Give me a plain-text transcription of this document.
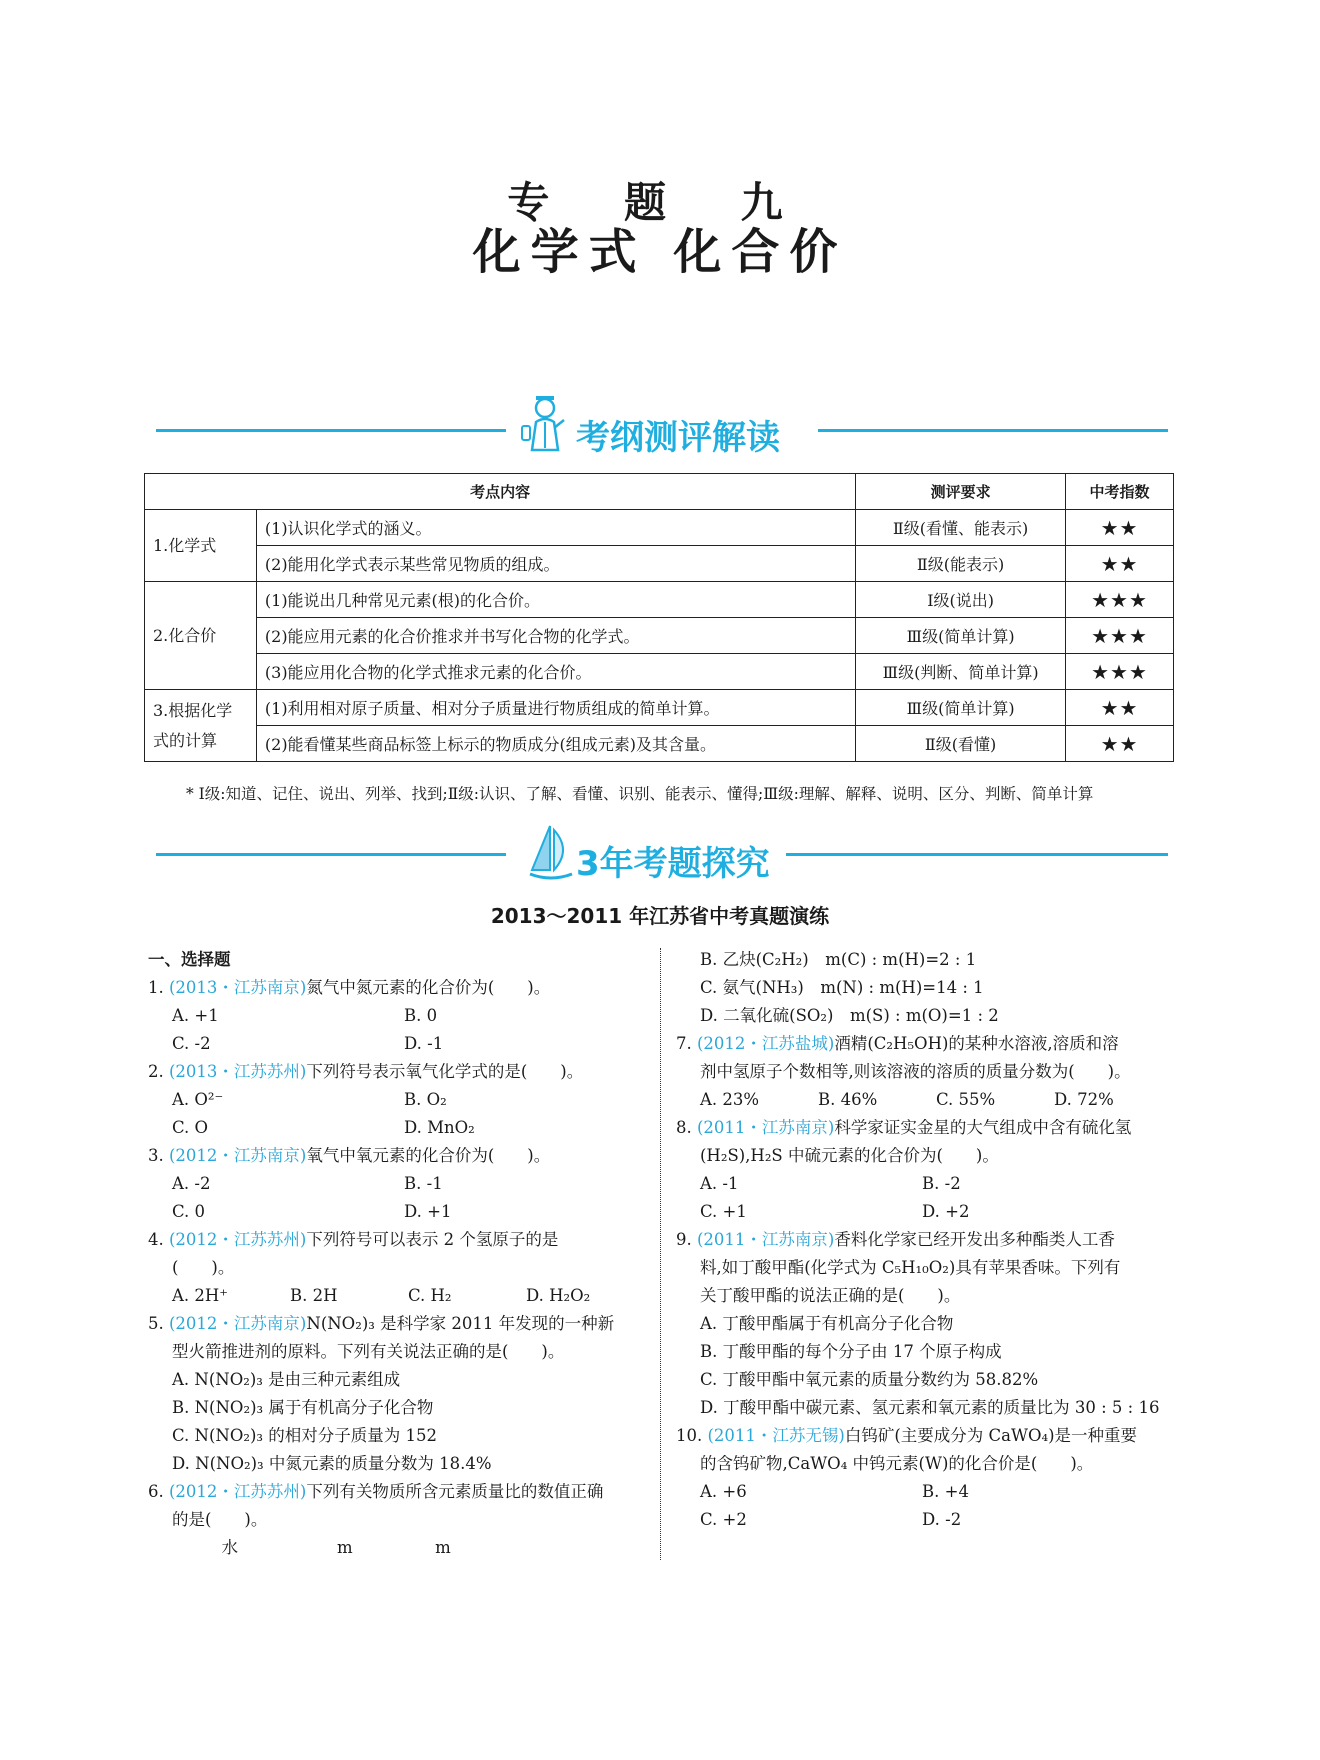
专 题 九
化学式 化合价
考纲测评解读
考点内容		测评要求	中考指数
1.化学式	(1)认识化学式的涵义。	Ⅱ级(看懂、能表示)	★★
	(2)能用化学式表示某些常见物质的组成。	Ⅱ级(能表示)	★★
2.化合价	(1)能说出几种常见元素(根)的化合价。	Ⅰ级(说出)	★★★
	(2)能应用元素的化合价推求并书写化合物的化学式。	Ⅲ级(简单计算)	★★★
	(3)能应用化合物的化学式推求元素的化合价。	Ⅲ级(判断、简单计算)	★★★
3.根据化学式的计算	(1)利用相对原子质量、相对分子质量进行物质组成的简单计算。	Ⅲ级(简单计算)	★★
	(2)能看懂某些商品标签上标示的物质成分(组成元素)及其含量。	Ⅱ级(看懂)	★★
* Ⅰ级:知道、记住、说出、列举、找到;Ⅱ级:认识、了解、看懂、识别、能表示、懂得;Ⅲ级:理解、解释、说明、区分、判断、简单计算
3年考题探究
2013～2011 年江苏省中考真题演练
一、选择题
1. (2013・江苏南京)氮气中氮元素的化合价为(　　)。
A. +1	B. 0
C. -2	D. -1
2. (2013・江苏苏州)下列符号表示氧气化学式的是(　　)。
A. O²⁻	B. O₂
C. O	D. MnO₂
3. (2012・江苏南京)氧气中氧元素的化合价为(　　)。
A. -2	B. -1
C. 0	D. +1
4. (2012・江苏苏州)下列符号可以表示 2 个氢原子的是
(　　)。
A. 2H⁺	B. 2H	C. H₂	D. H₂O₂
5. (2012・江苏南京)N(NO₂)₃ 是科学家 2011 年发现的一种新
型火箭推进剂的原料。下列有关说法正确的是(　　)。
A. N(NO₂)₃ 是由三种元素组成
B. N(NO₂)₃ 属于有机高分子化合物
C. N(NO₂)₃ 的相对分子质量为 152
D. N(NO₂)₃ 中氮元素的质量分数为 18.4%
6. (2012・江苏苏州)下列有关物质所含元素质量比的数值正确
的是(　　)。
　　　水　　　　　　m　　　　　m
B. 乙炔(C₂H₂)　m(C) : m(H)=2 : 1
C. 氨气(NH₃)　m(N) : m(H)=14 : 1
D. 二氧化硫(SO₂)　m(S) : m(O)=1 : 2
7. (2012・江苏盐城)酒精(C₂H₅OH)的某种水溶液,溶质和溶
剂中氢原子个数相等,则该溶液的溶质的质量分数为(　　)。
A. 23%	B. 46%	C. 55%	D. 72%
8. (2011・江苏南京)科学家证实金星的大气组成中含有硫化氢
(H₂S),H₂S 中硫元素的化合价为(　　)。
A. -1	B. -2
C. +1	D. +2
9. (2011・江苏南京)香料化学家已经开发出多种酯类人工香
料,如丁酸甲酯(化学式为 C₅H₁₀O₂)具有苹果香味。下列有
关丁酸甲酯的说法正确的是(　　)。
A. 丁酸甲酯属于有机高分子化合物
B. 丁酸甲酯的每个分子由 17 个原子构成
C. 丁酸甲酯中氧元素的质量分数约为 58.82%
D. 丁酸甲酯中碳元素、氢元素和氧元素的质量比为 30 : 5 : 16
10. (2011・江苏无锡)白钨矿(主要成分为 CaWO₄)是一种重要
的含钨矿物,CaWO₄ 中钨元素(W)的化合价是(　　)。
A. +6	B. +4
C. +2	D. -2
